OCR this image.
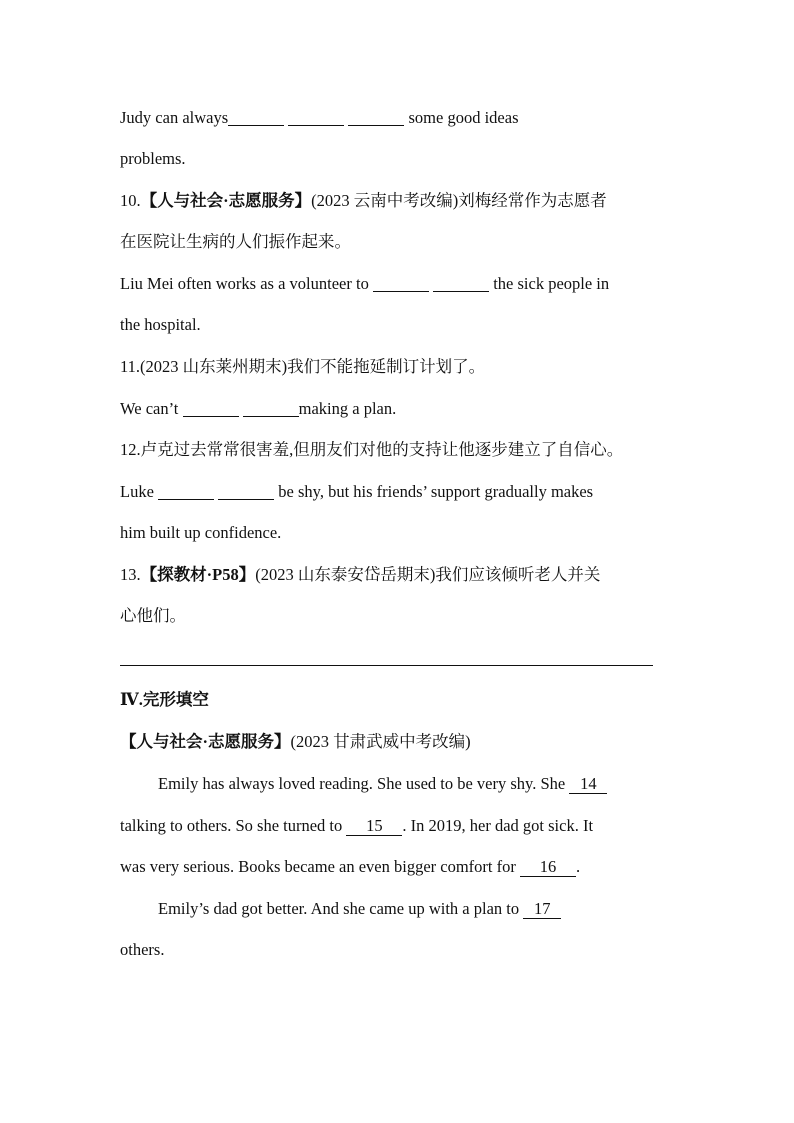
Judy can always	some good ideas
problems.
10.【人与社会·志愿服务】(2023 云南中考改编)刘梅经常作为志愿者
在医院让生病的人们振作起来。
Liu Mei often works as a volunteer to	the sick people in
the hospital.
11.(2023 山东莱州期末)我们不能拖延制订计划了。
We can’t	making a plan.
12.卢克过去常常很害羞,但朋友们对他的支持让他逐步建立了自信心。
Luke	be shy, but his friends’ support gradually makes
him built up confidence.
13.【探教材·P58】(2023 山东泰安岱岳期末)我们应该倾听老人并关
心他们。
Ⅳ.完形填空
【人与社会·志愿服务】(2023 甘肃武威中考改编)
Emily has always loved reading. She used to be very shy. She 14
talking to others. So she turned to 15 . In 2019, her dad got sick. It
was very serious. Books became an even bigger comfort for 16 .
Emily’s dad got better. And she came up with a plan to 17
others.
